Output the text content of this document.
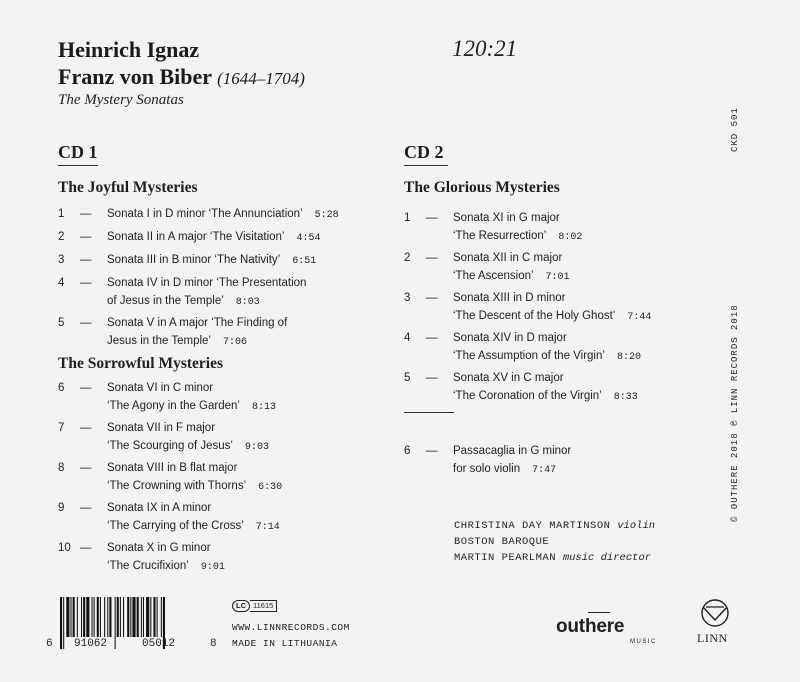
Heinrich Ignaz
Franz von Biber (1644–1704)
The Mystery Sonatas
120:21
CD 1	CD 2
The Joyful Mysteries
The Sorrowful Mysteries
The Glorious Mysteries
1	—	Sonata I in D minor ‘The Annunciation’ 5:28
2	—	Sonata II in A major ‘The Visitation’ 4:54
3	—	Sonata III in B minor ‘The Nativity’ 6:51
4	—	Sonata IV in D minor ‘The Presentation
of Jesus in the Temple’ 8:03
5	—	Sonata V in A major ‘The Finding of
Jesus in the Temple’ 7:06
6	—	Sonata VI in C minor
‘The Agony in the Garden’ 8:13
7	—	Sonata VII in F major
‘The Scourging of Jesus’ 9:03
8	—	Sonata VIII in B flat major
‘The Crowning with Thorns’ 6:30
9	—	Sonata IX in A minor
‘The Carrying of the Cross’ 7:14
10 —	Sonata X in G minor
‘The Crucifixion’ 9:01
1	—	Sonata XI in G major
‘The Resurrection’ 8:02
2	—	Sonata XII in C major
‘The Ascension’ 7:01
3	—	Sonata XIII in D minor
‘The Descent of the Holy Ghost’ 7:44
4	—	Sonata XIV in D major
‘The Assumption of the Virgin’ 8:20
5	—	Sonata XV in C major
‘The Coronation of the Virgin’ 8:33
6	—	Passacaglia in G minor
for solo violin 7:47
CHRISTINA DAY MARTINSON violin
BOSTON BAROQUE
MARTIN PEARLMAN music director
CKD 501
© OUTHERE 2018 ℗ LINN RECORDS 2018
6 91062	05012	8
LC 11615
WWW.LINNRECORDS.COM
MADE IN LITHUANIA
outhere
MUSIC	LINN
